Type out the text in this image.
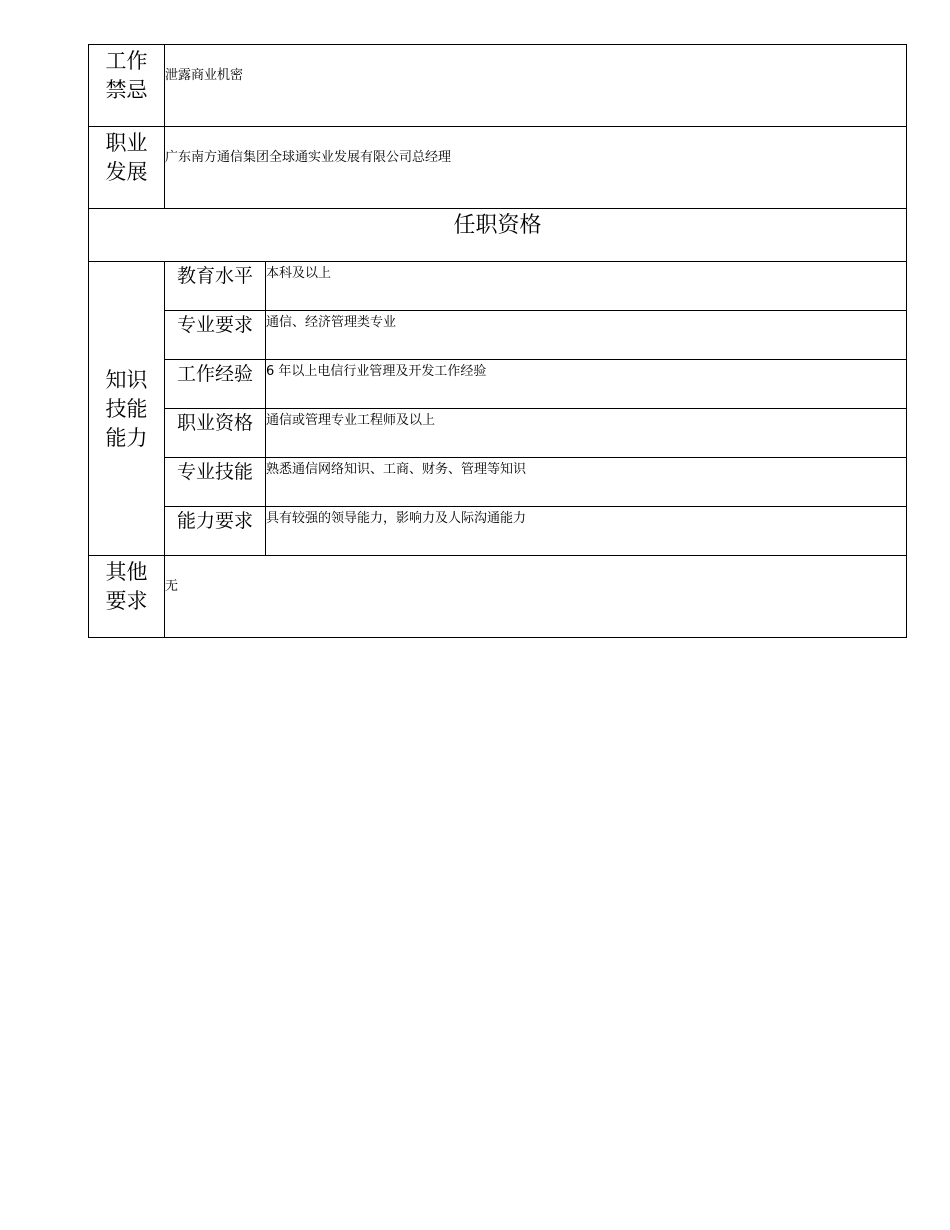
工作禁忌	泄露商业机密	
职业发展	广东南方通信集团全球通实业发展有限公司总经理	
任职资格		
知识技能能力	教育水平	本科及以上
	专业要求	通信、经济管理类专业
	工作经验	6 年以上电信行业管理及开发工作经验
	职业资格	通信或管理专业工程师及以上
	专业技能	熟悉通信网络知识、工商、财务、管理等知识
	能力要求	具有较强的领导能力，影响力及人际沟通能力
其他要求	无	
